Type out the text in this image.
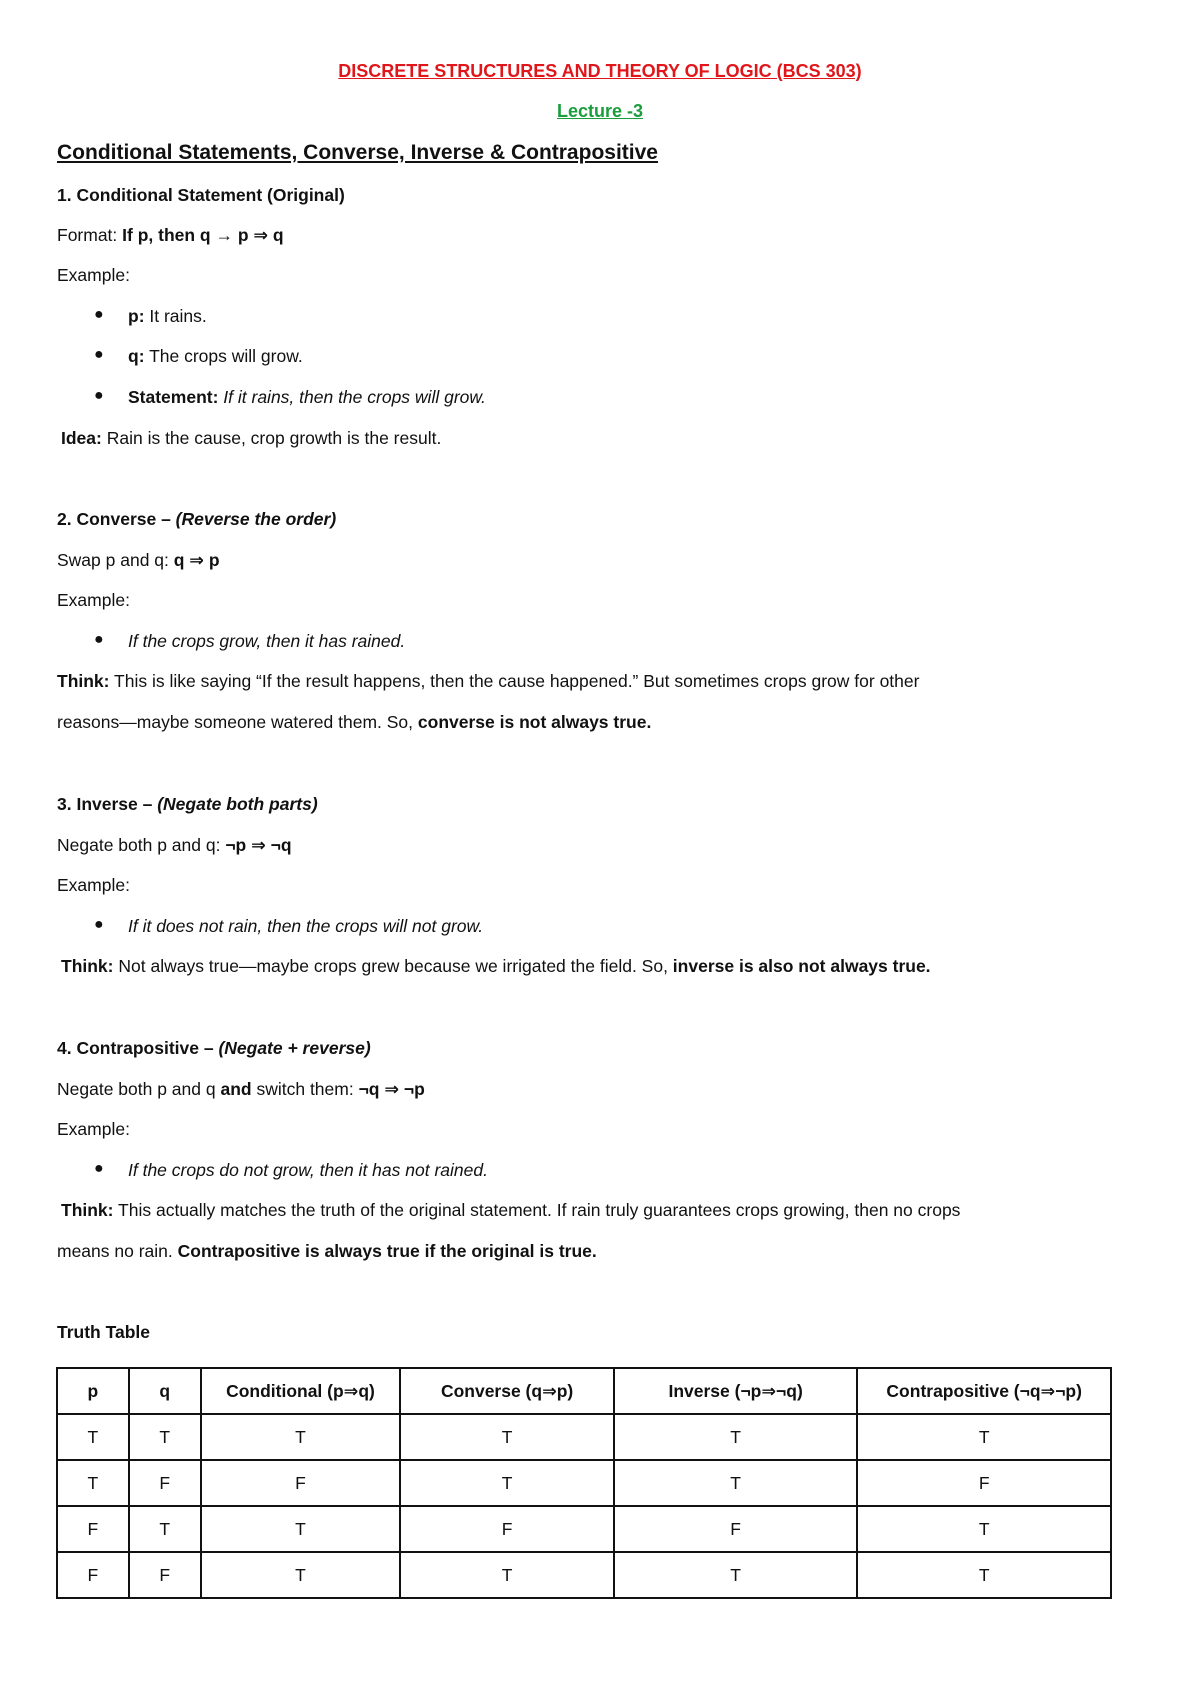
DISCRETE STRUCTURES AND THEORY OF LOGIC (BCS 303)
Lecture -3
Conditional Statements, Converse, Inverse & Contrapositive
1. Conditional Statement (Original)
Format: If p, then q → p ⇒ q
Example:
● p: It rains.
● q: The crops will grow.
● Statement: If it rains, then the crops will grow.
Idea: Rain is the cause, crop growth is the result.
2. Converse – (Reverse the order)
Swap p and q: q ⇒ p
Example:
● If the crops grow, then it has rained.
Think: This is like saying “If the result happens, then the cause happened.” But sometimes crops grow for other
reasons—maybe someone watered them. So, converse is not always true.
3. Inverse – (Negate both parts)
Negate both p and q: ¬p ⇒ ¬q
Example:
● If it does not rain, then the crops will not grow.
Think: Not always true—maybe crops grew because we irrigated the field. So, inverse is also not always true.
4. Contrapositive – (Negate + reverse)
Negate both p and q and switch them: ¬q ⇒ ¬p
Example:
● If the crops do not grow, then it has not rained.
Think: This actually matches the truth of the original statement. If rain truly guarantees crops growing, then no crops
means no rain. Contrapositive is always true if the original is true.
Truth Table
p	q	Conditional (p⇒q)	Converse (q⇒p)	Inverse (¬p⇒¬q)	Contrapositive (¬q⇒¬p)
T	T	T	T	T	T
T	F	F	T	T	F
F	T	T	F	F	T
F	F	T	T	T	T
